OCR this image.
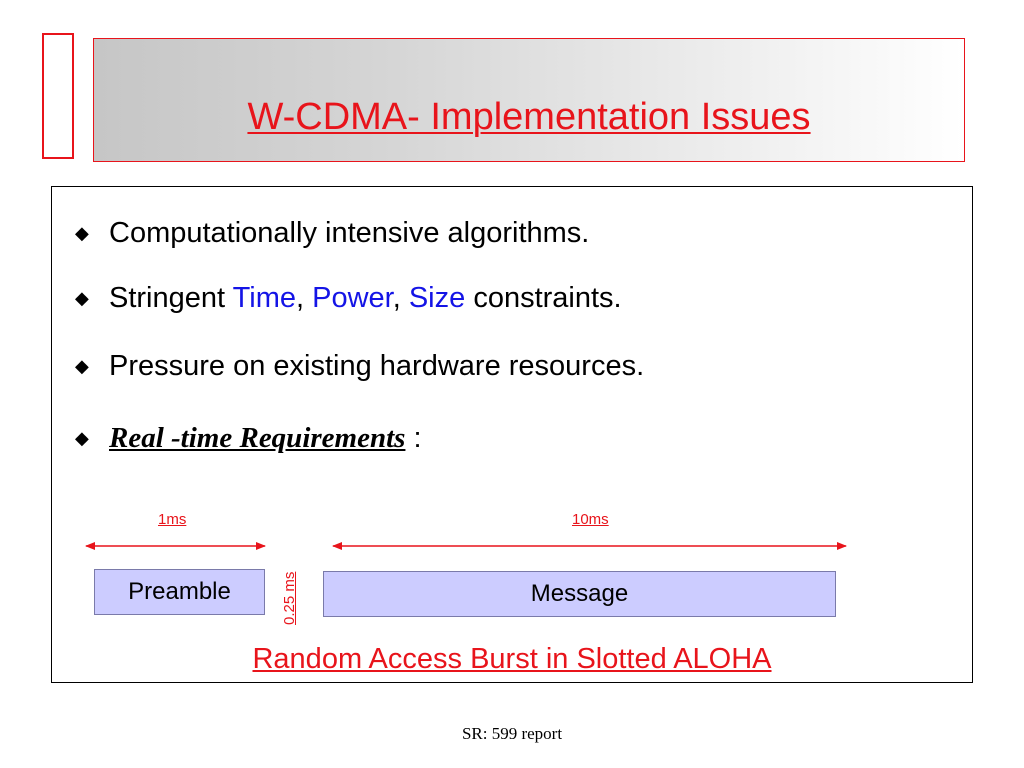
W-CDMA- Implementation Issues
◆ Computationally intensive algorithms.
◆ Stringent Time, Power, Size constraints.
◆ Pressure on existing hardware resources.
◆ Real -time Requirements :
1ms	10ms
Preamble	0.25 ms	Message
Random Access Burst in Slotted ALOHA
SR: 599 report
